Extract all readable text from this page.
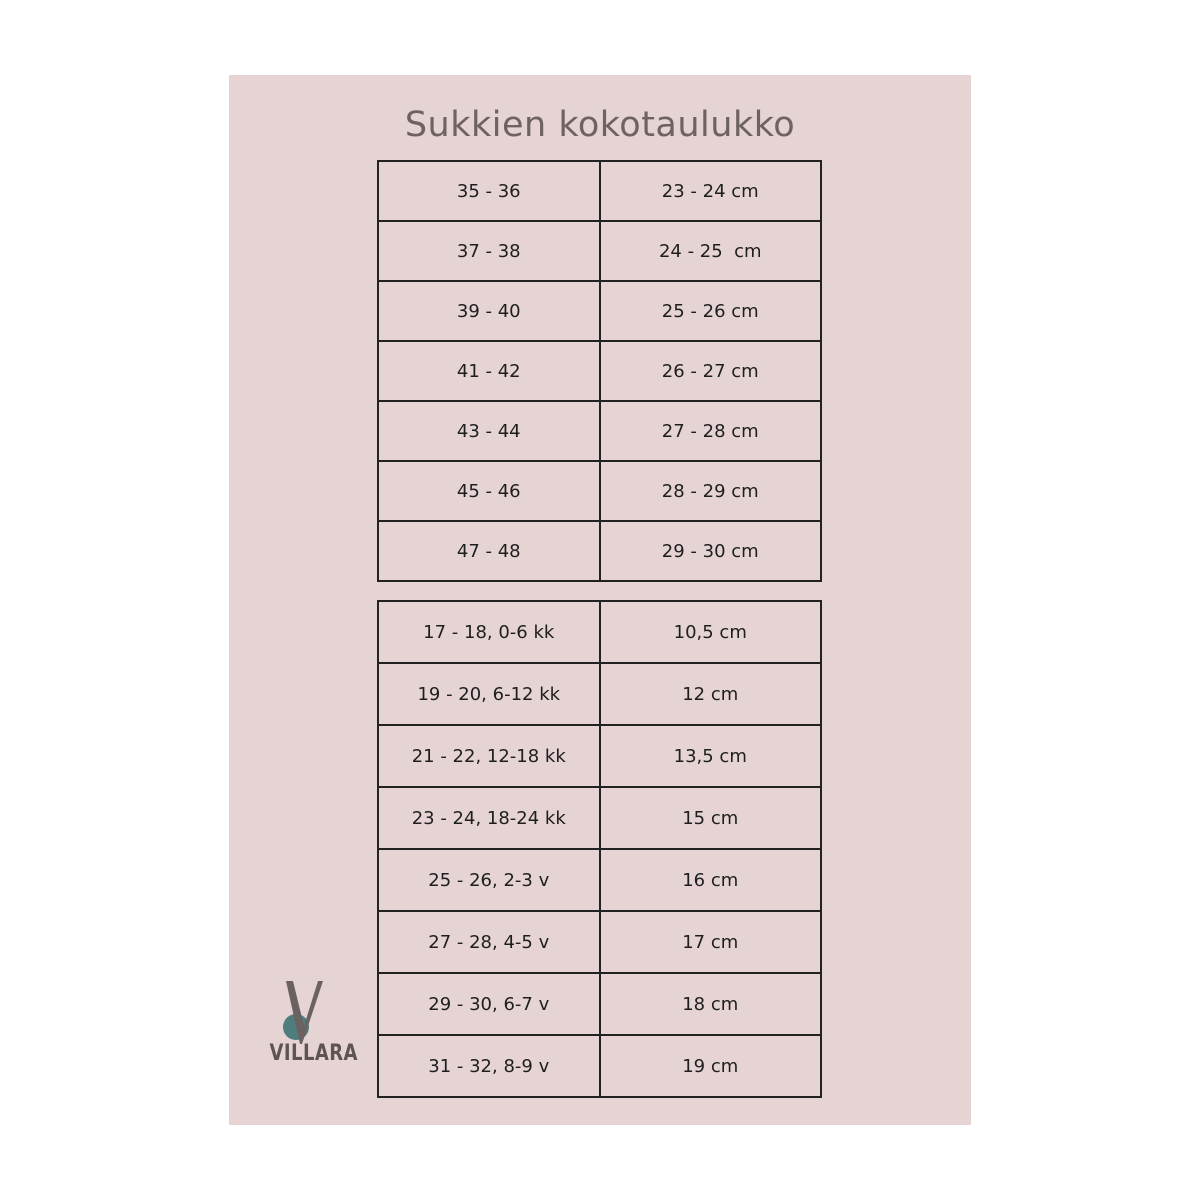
Sukkien kokotaulukko
35 - 36	23 - 24 cm
37 - 38	24 - 25  cm
39 - 40	25 - 26 cm
41 - 42	26 - 27 cm
43 - 44	27 - 28 cm
45 - 46	28 - 29 cm
47 - 48	29 - 30 cm
17 - 18, 0-6 kk	10,5 cm
19 - 20, 6-12 kk	12 cm
21 - 22, 12-18 kk	13,5 cm
23 - 24, 18-24 kk	15 cm
25 - 26, 2-3 v	16 cm
27 - 28, 4-5 v	17 cm
29 - 30, 6-7 v	18 cm
31 - 32, 8-9 v	19 cm
VILLARA
